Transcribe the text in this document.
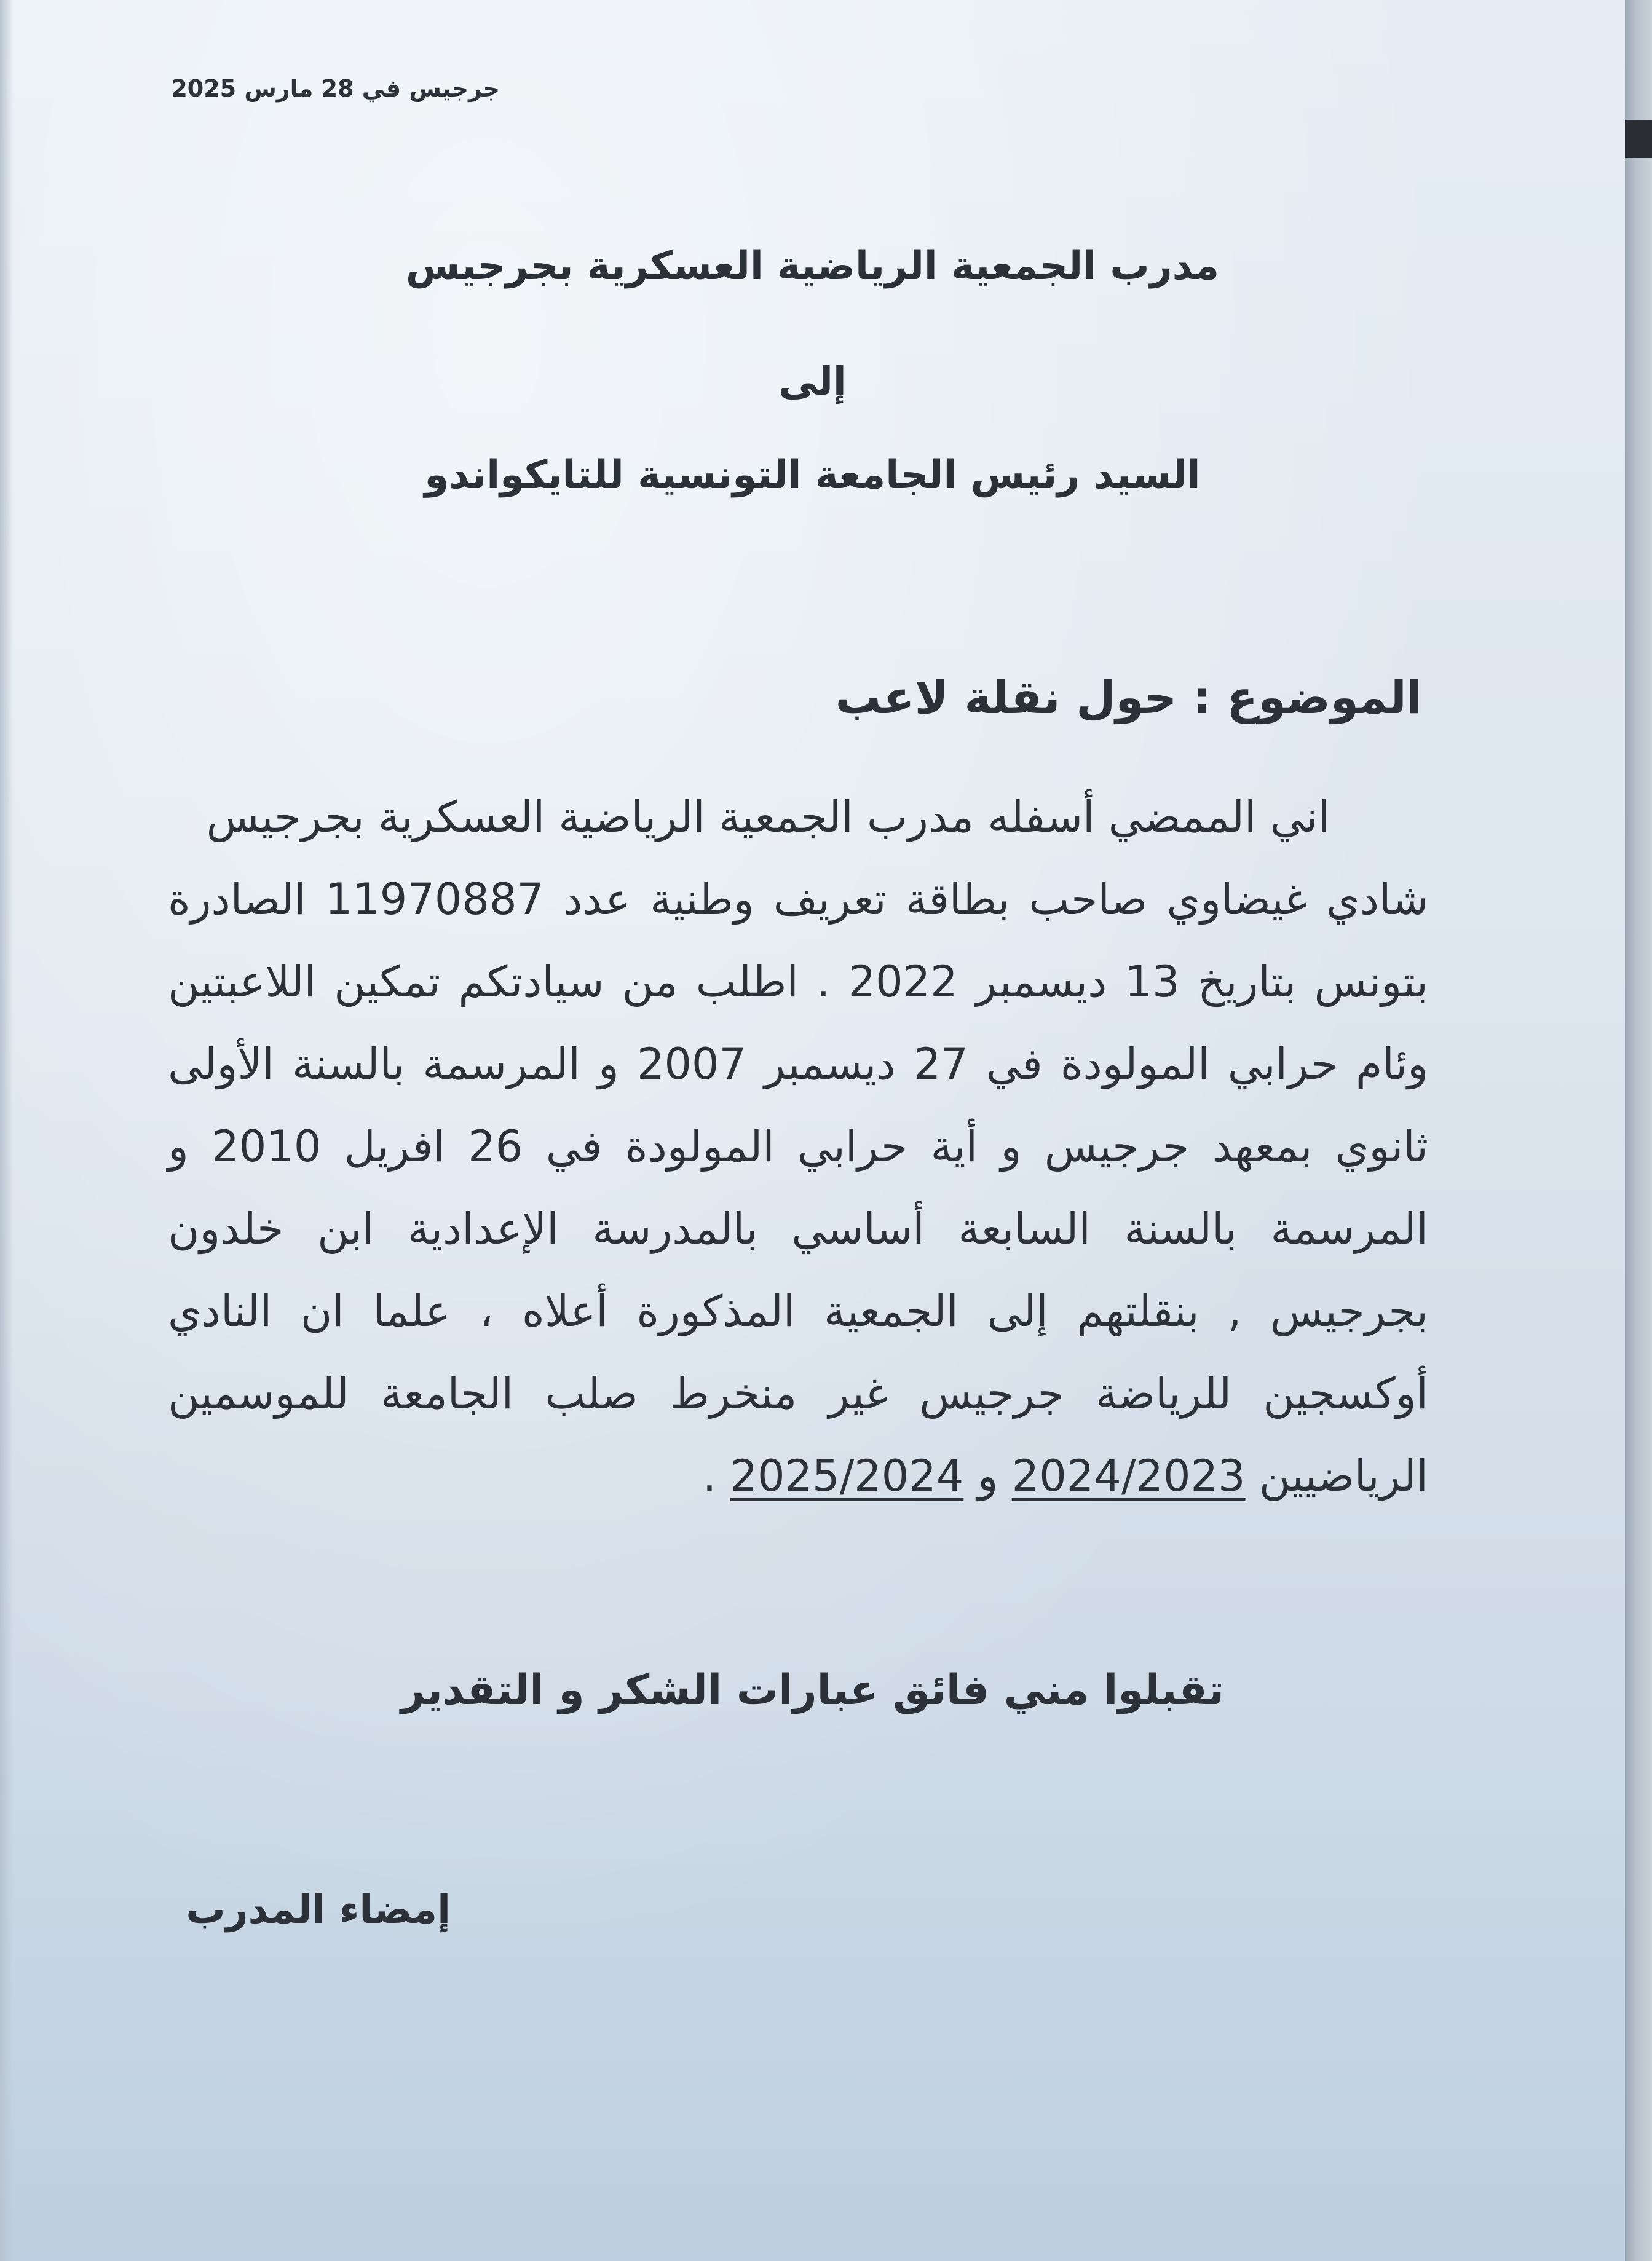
جرجيس في 28 مارس 2025
مدرب الجمعية الرياضية العسكرية بجرجيس
إلى
السيد رئيس الجامعة التونسية للتايكواندو
الموضوع : حول نقلة لاعب

اني الممضي أسفله مدرب الجمعية الرياضية العسكرية بجرجيس

شادي غيضاوي صاحب بطاقة تعريف وطنية عدد 11970887 الصادرة بتونس بتاريخ 13 ديسمبر 2022 . اطلب من سيادتكم تمكين اللاعبتين وئام حرابي المولودة في 27 ديسمبر 2007 و المرسمة بالسنة الأولى ثانوي بمعهد جرجيس و أية حرابي المولودة في 26 افريل 2010 و المرسمة بالسنة السابعة أساسي بالمدرسة الإعدادية ابن خلدون بجرجيس , بنقلتهم إلى الجمعية المذكورة أعلاه ، علما ان النادي أوكسجين للرياضة جرجيس غير منخرط صلب الجامعة للموسمين الرياضيين 2024/2023 و 2025/2024 .

تقبلوا مني فائق عبارات الشكر و التقدير
إمضاء المدرب
